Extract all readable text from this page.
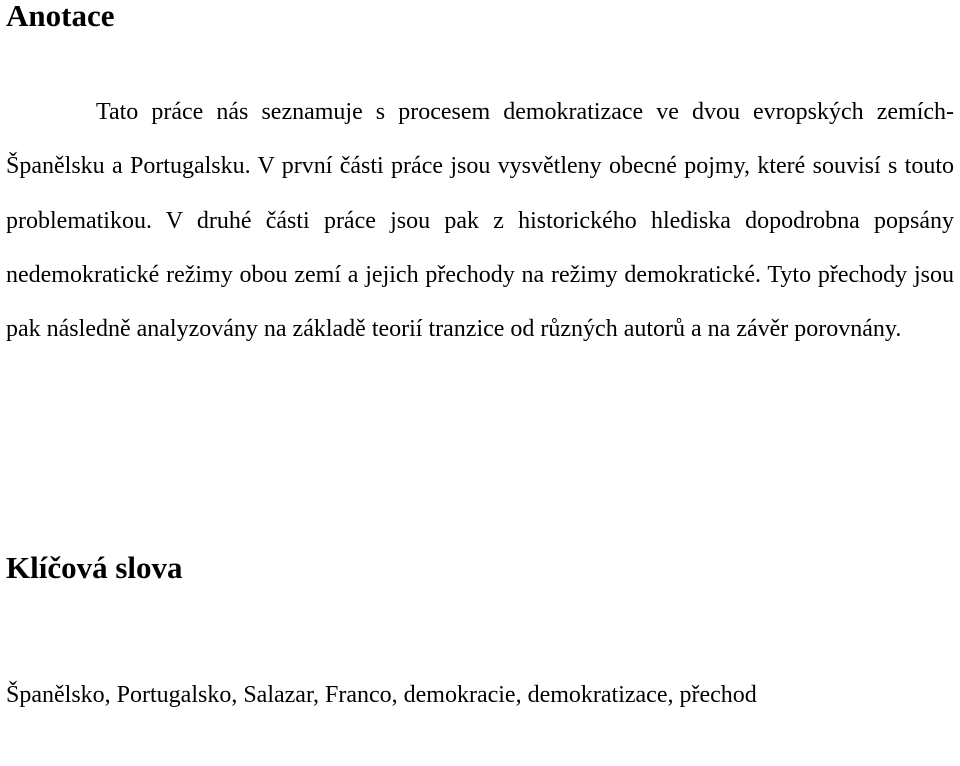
Anotace

Tato práce nás seznamuje s procesem demokratizace ve dvou evropských zemích- Španělsku a Portugalsku. V první části práce jsou vysvětleny obecné pojmy, které souvisí s touto problematikou. V druhé části práce jsou pak z historického hlediska dopodrobna popsány nedemokratické režimy obou zemí a jejich přechody na režimy demokratické. Tyto přechody jsou pak následně analyzovány na základě teorií tranzice od různých autorů a na závěr porovnány.

Klíčová slova

Španělsko, Portugalsko, Salazar, Franco, demokracie, demokratizace, přechod
